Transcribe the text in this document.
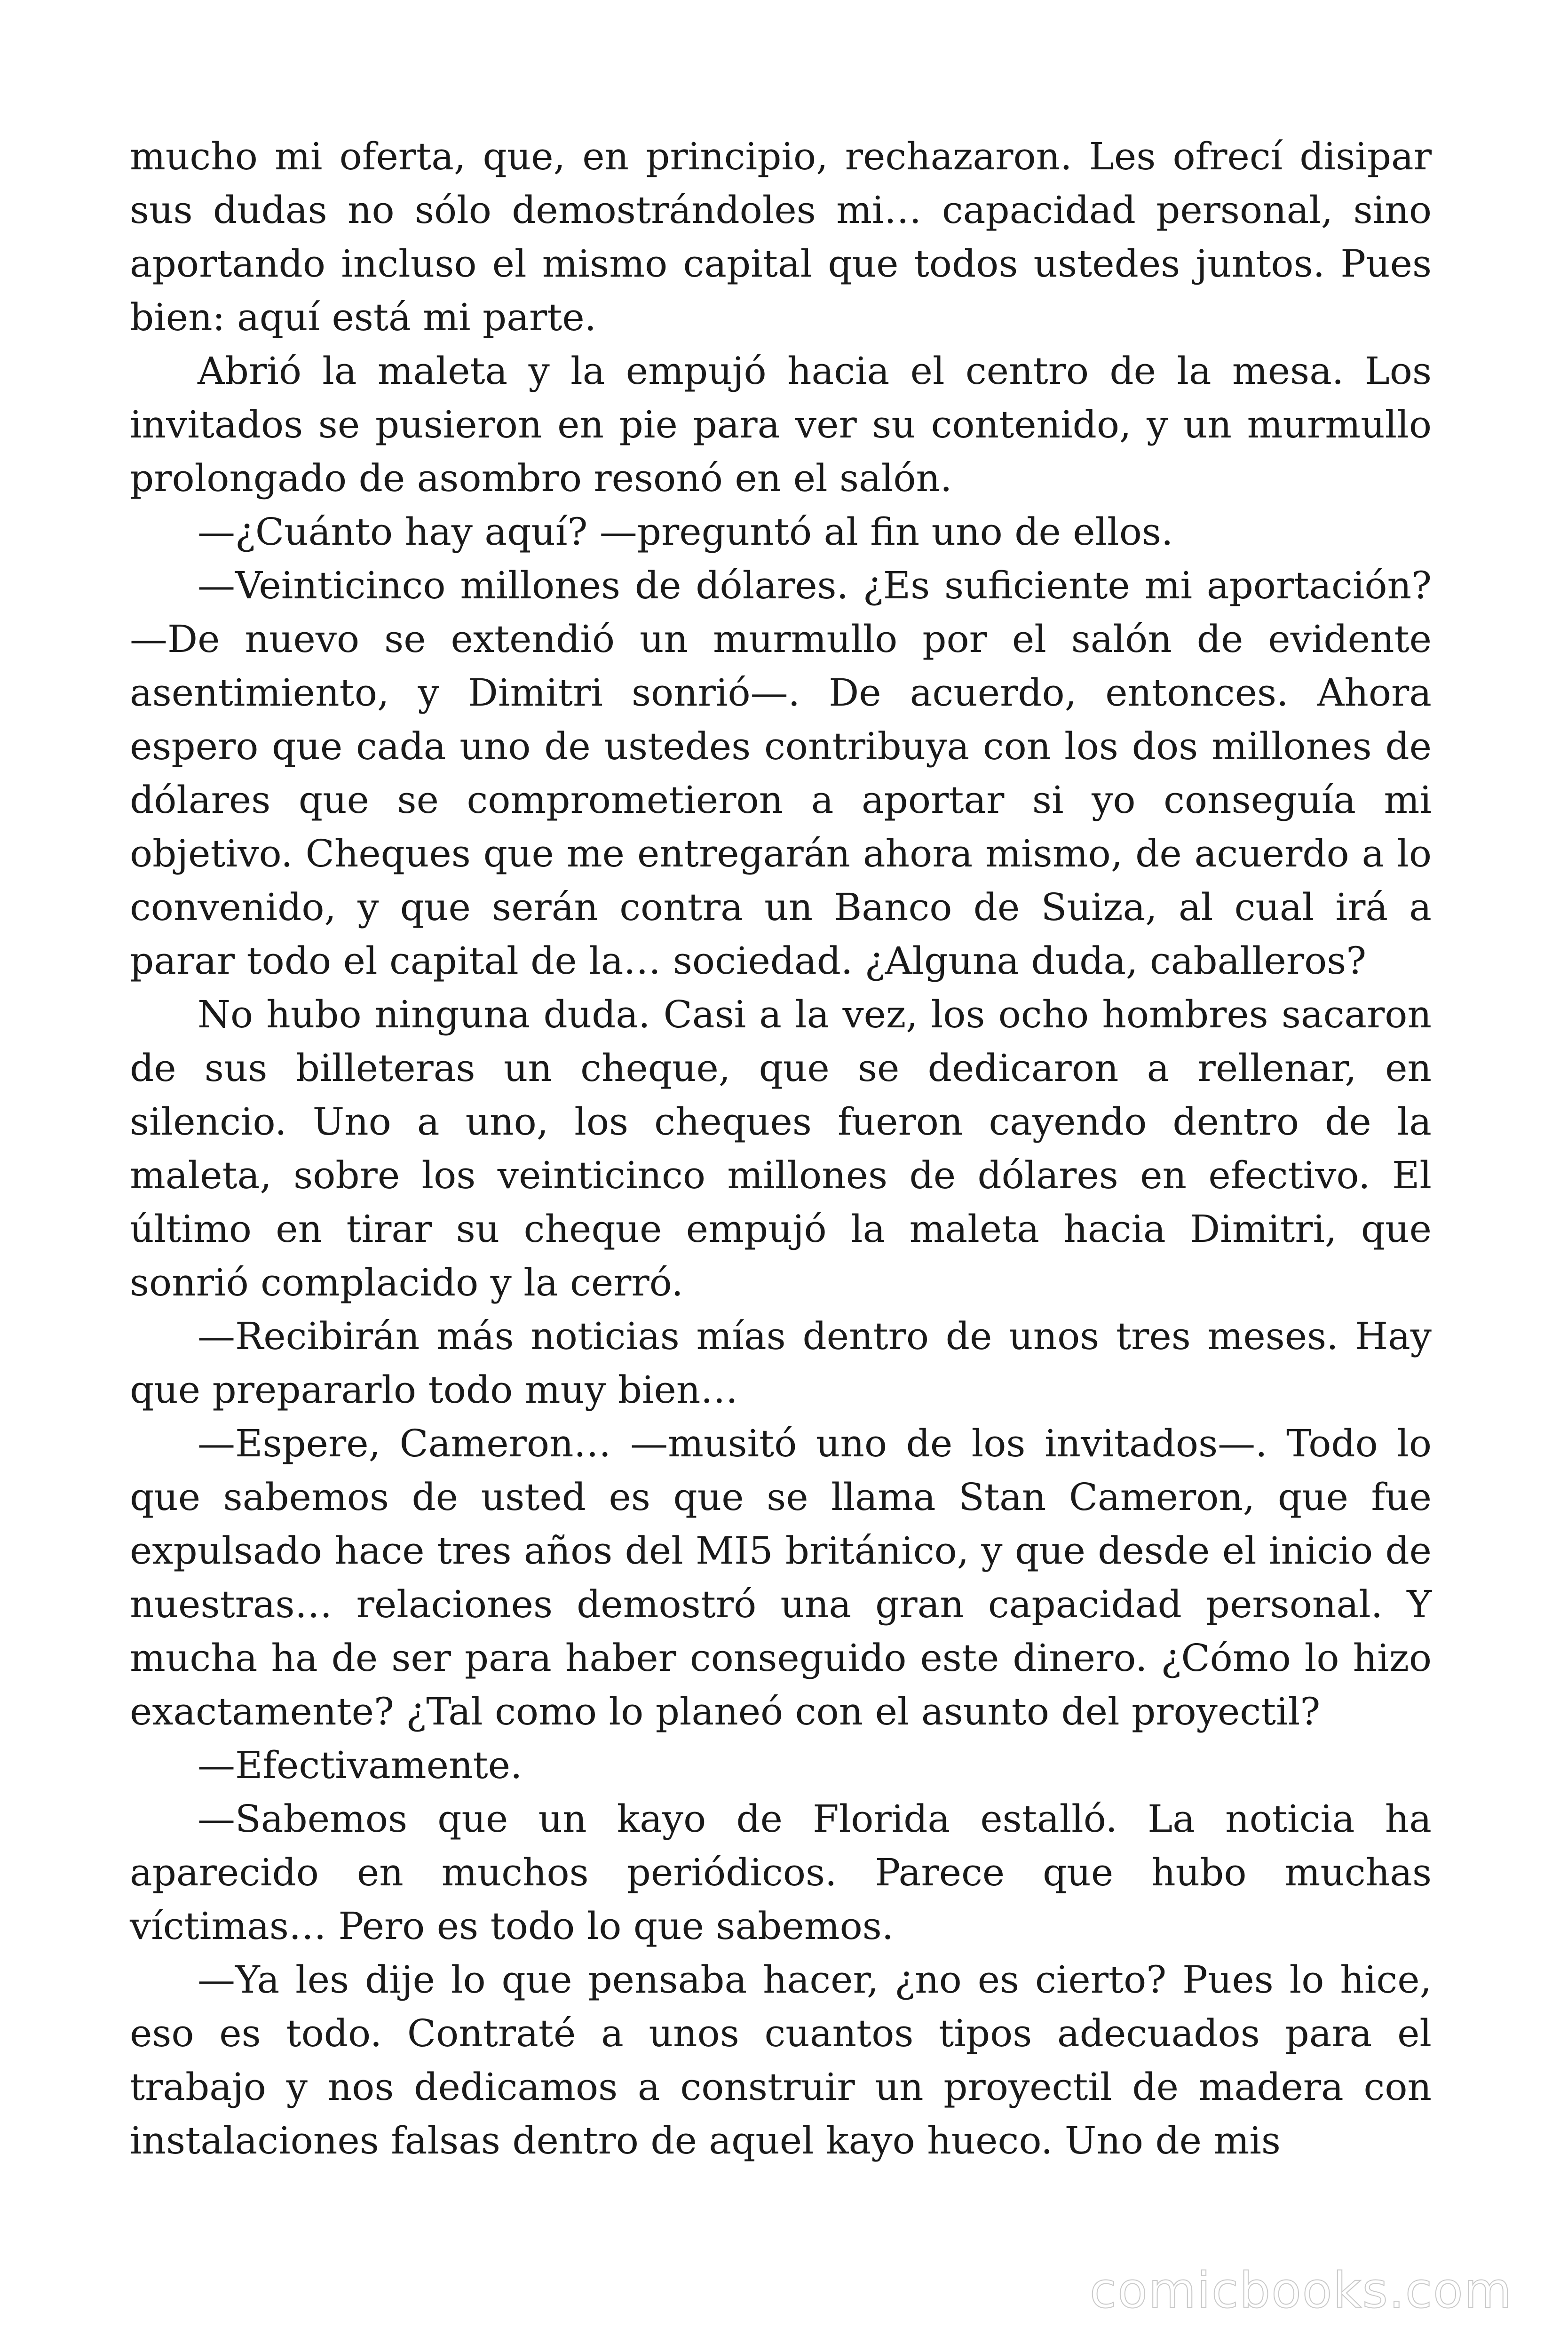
mucho mi oferta, que, en principio, rechazaron. Les ofrecí disipar sus dudas no sólo demostrándoles mi… capacidad personal, sino aportando incluso el mismo capital que todos ustedes juntos. Pues bien: aquí está mi parte.

Abrió la maleta y la empujó hacia el centro de la mesa. Los invitados se pusieron en pie para ver su contenido, y un murmullo prolongado de asombro resonó en el salón.

—¿Cuánto hay aquí? —preguntó al fin uno de ellos.

—Veinticinco millones de dólares. ¿Es suficiente mi aportación? —De nuevo se extendió un murmullo por el salón de evidente asentimiento, y Dimitri sonrió—. De acuerdo, entonces. Ahora espero que cada uno de ustedes contribuya con los dos millones de dólares que se comprometieron a aportar si yo conseguía mi objetivo. Cheques que me entregarán ahora mismo, de acuerdo a lo convenido, y que serán contra un Banco de Suiza, al cual irá a parar todo el capital de la… sociedad. ¿Alguna duda, caballeros?

No hubo ninguna duda. Casi a la vez, los ocho hombres sacaron de sus billeteras un cheque, que se dedicaron a rellenar, en silencio. Uno a uno, los cheques fueron cayendo dentro de la maleta, sobre los veinticinco millones de dólares en efectivo. El último en tirar su cheque empujó la maleta hacia Dimitri, que sonrió complacido y la cerró.

—Recibirán más noticias mías dentro de unos tres meses. Hay que prepararlo todo muy bien…

—Espere, Cameron… —musitó uno de los invitados—. Todo lo que sabemos de usted es que se llama Stan Cameron, que fue expulsado hace tres años del MI5 británico, y que desde el inicio de nuestras… relaciones demostró una gran capacidad personal. Y mucha ha de ser para haber conseguido este dinero. ¿Cómo lo hizo exactamente? ¿Tal como lo planeó con el asunto del proyectil?

—Efectivamente.

—Sabemos que un kayo de Florida estalló. La noticia ha aparecido en muchos periódicos. Parece que hubo muchas víctimas… Pero es todo lo que sabemos.

—Ya les dije lo que pensaba hacer, ¿no es cierto? Pues lo hice, eso es todo. Contraté a unos cuantos tipos adecuados para el trabajo y nos dedicamos a construir un proyectil de madera con instalaciones falsas dentro de aquel kayo hueco. Uno de mis

comicbooks.com
